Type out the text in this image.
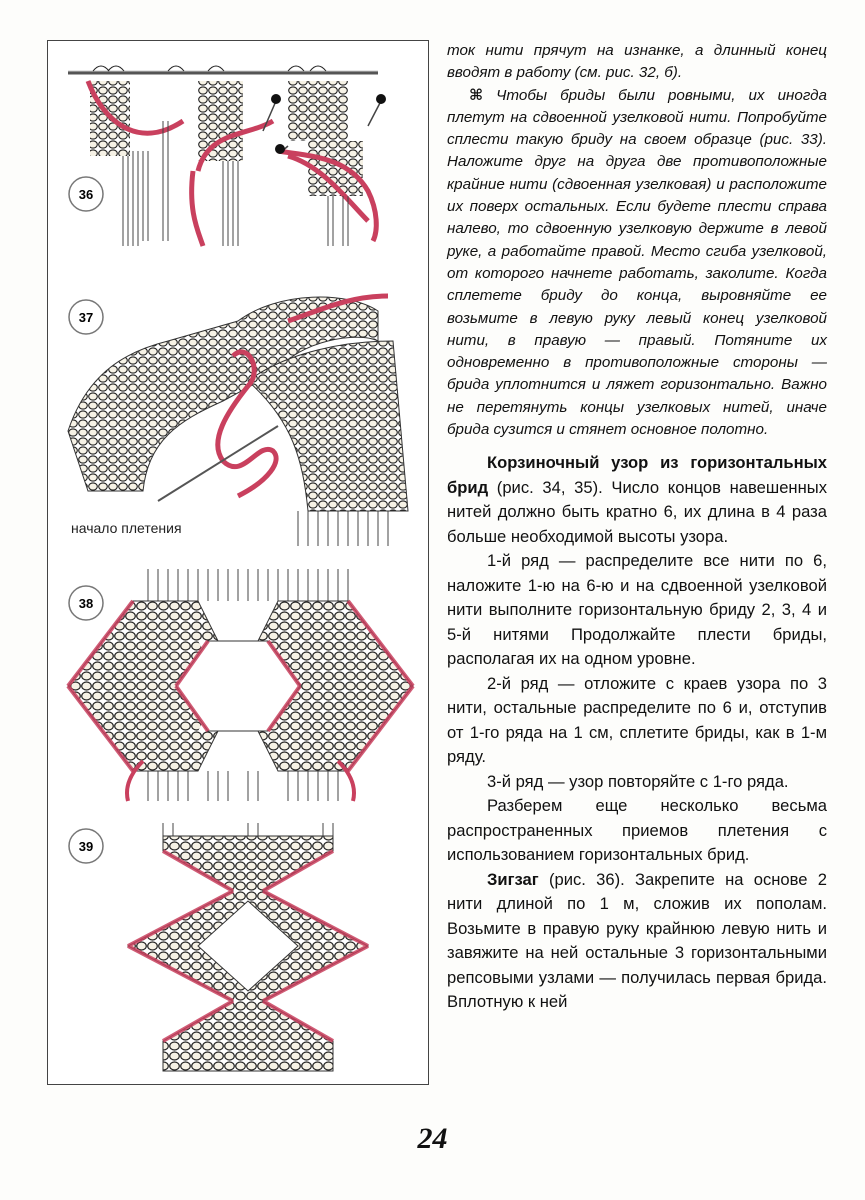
36
37
начало плетения
38
39

ток нити прячут на изнанке, а длинный конец вводят в работу (см. рис. 32, б).

⌘ Чтобы бриды были ровными, их иногда плетут на сдвоенной узелковой нити. Попробуйте сплести такую бриду на своем образце (рис. 33). Наложите друг на друга две противоположные крайние нити (сдвоенная узелковая) и расположите их поверх остальных. Если будете плести справа налево, то сдвоенную узелковую держите в левой руке, а работайте правой. Место сгиба узелковой, от которого начнете работать, заколите. Когда сплетете бриду до конца, выровняйте ее возьмите в левую руку левый конец узелковой нити, в правую — правый. Потяните их одновременно в противоположные стороны — брида уплотнится и ляжет горизонтально. Важно не перетянуть концы узелковых нитей, иначе брида сузится и стянет основное полотно.

Корзиночный узор из горизонтальных брид (рис. 34, 35). Число концов навешенных нитей должно быть кратно 6, их длина в 4 раза больше необходимой высоты узора.

1-й ряд — распределите все нити по 6, наложите 1-ю на 6-ю и на сдвоенной узелковой нити выполните горизонтальную бриду 2, 3, 4 и 5-й нитями Продолжайте плести бриды, располагая их на одном уровне.

2-й ряд — отложите с краев узора по 3 нити, остальные распределите по 6 и, отступив от 1-го ряда на 1 см, сплетите бриды, как в 1-м ряду.

3-й ряд — узор повторяйте с 1-го ряда.

Разберем еще несколько весьма распространенных приемов плетения с использованием горизонтальных брид.

Зигзаг (рис. 36). Закрепите на основе 2 нити длиной по 1 м, сложив их пополам. Возьмите в правую руку крайнюю левую нить и завяжите на ней остальные 3 горизонтальными репсовыми узлами — получилась первая брида. Вплотную к ней

24
